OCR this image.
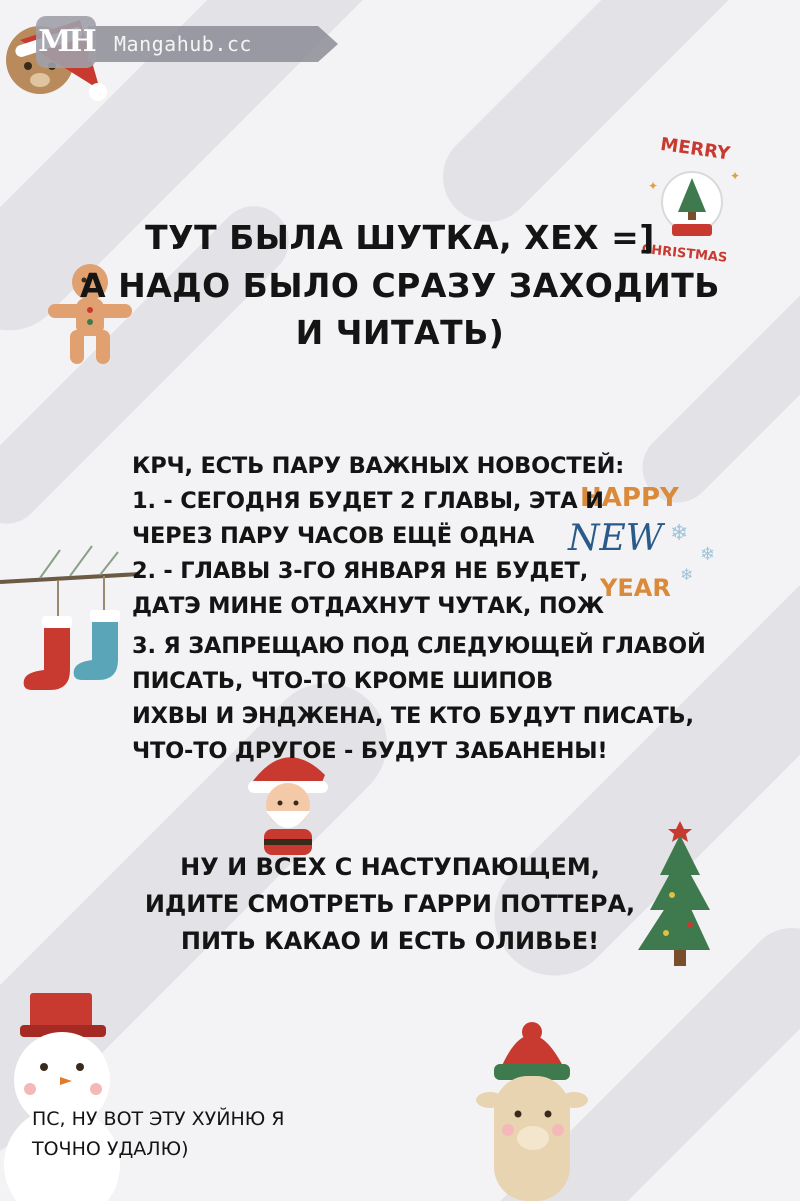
MH Mangahub.cc
MERRY
CHRISTMAS
✦
✦
HAPPY
NEW
YEAR
❄
❄
❄
ТУТ БЫЛА ШУТКА, ХЕХ =]
А НАДО БЫЛО СРАЗУ ЗАХОДИТЬ
И ЧИТАТЬ)
КРЧ, ЕСТЬ ПАРУ ВАЖНЫХ НОВОСТЕЙ:
1. - СЕГОДНЯ БУДЕТ 2 ГЛАВЫ, ЭТА И
ЧЕРЕЗ ПАРУ ЧАСОВ ЕЩЁ ОДНА
2. - ГЛАВЫ 3-ГО ЯНВАРЯ НЕ БУДЕТ,
ДАТЭ МИНЕ ОТДАХНУТ ЧУТАК, ПОЖ
3. Я ЗАПРЕЩАЮ ПОД СЛЕДУЮЩЕЙ ГЛАВОЙ
ПИСАТЬ, ЧТО-ТО КРОМЕ ШИПОВ
ИХВЫ И ЭНДЖЕНА, ТЕ КТО БУДУТ ПИСАТЬ,
ЧТО-ТО ДРУГОЕ - БУДУТ ЗАБАНЕНЫ!
НУ И ВСЕХ С НАСТУПАЮЩЕМ,
ИДИТЕ СМОТРЕТЬ ГАРРИ ПОТТЕРА,
ПИТЬ КАКАО И ЕСТЬ ОЛИВЬЕ!
ПС, НУ ВОТ ЭТУ ХУЙНЮ Я
ТОЧНО УДАЛЮ)
